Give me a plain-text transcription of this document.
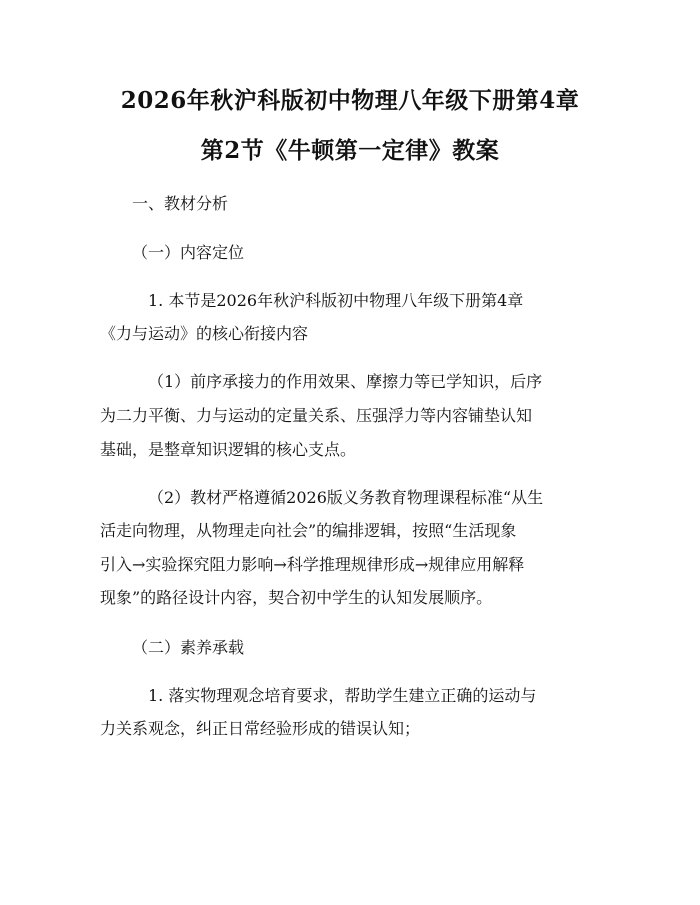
2026年秋沪科版初中物理八年级下册第4章
第2节《牛顿第一定律》教案
一、教材分析
（一）内容定位
1. 本节是2026年秋沪科版初中物理八年级下册第4章
《力与运动》的核心衔接内容
（1）前序承接力的作用效果、摩擦力等已学知识，后序
为二力平衡、力与运动的定量关系、压强浮力等内容铺垫认知
基础，是整章知识逻辑的核心支点。
（2）教材严格遵循2026版义务教育物理课程标准“从生
活走向物理，从物理走向社会”的编排逻辑，按照“生活现象
引入→实验探究阻力影响→科学推理规律形成→规律应用解释
现象”的路径设计内容，契合初中学生的认知发展顺序。
（二）素养承载
1. 落实物理观念培育要求，帮助学生建立正确的运动与
力关系观念，纠正日常经验形成的错误认知；
